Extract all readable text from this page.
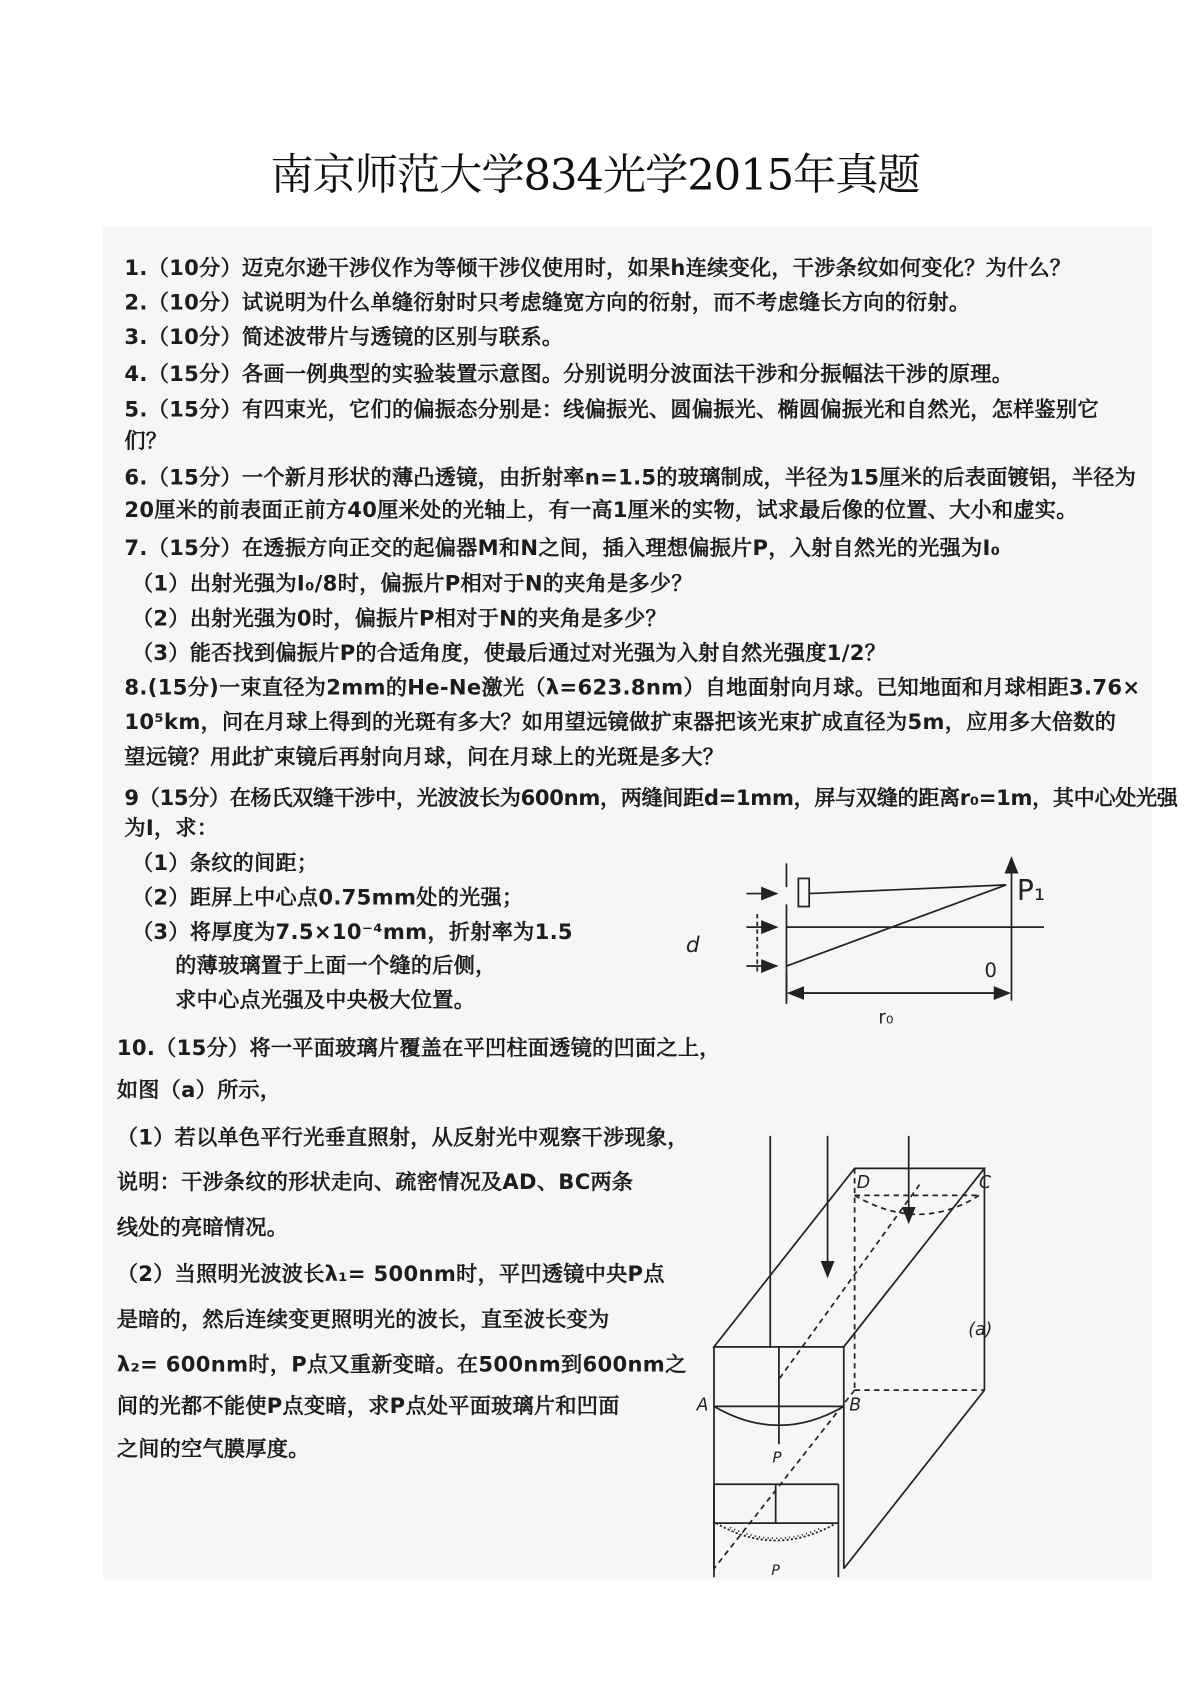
南京师范大学834光学2015年真题
1.（10分）迈克尔逊干涉仪作为等倾干涉仪使用时，如果h连续变化，干涉条纹如何变化？为什么？
2.（10分）试说明为什么单缝衍射时只考虑缝宽方向的衍射，而不考虑缝长方向的衍射。
3.（10分）简述波带片与透镜的区别与联系。
4.（15分）各画一例典型的实验装置示意图。分别说明分波面法干涉和分振幅法干涉的原理。
5.（15分）有四束光，它们的偏振态分别是：线偏振光、圆偏振光、椭圆偏振光和自然光，怎样鉴别它
们？
6.（15分）一个新月形状的薄凸透镜，由折射率n=1.5的玻璃制成，半径为15厘米的后表面镀铝，半径为
20厘米的前表面正前方40厘米处的光轴上，有一高1厘米的实物，试求最后像的位置、大小和虚实。
7.（15分）在透振方向正交的起偏器M和N之间，插入理想偏振片P，入射自然光的光强为I₀
（1）出射光强为I₀/8时，偏振片P相对于N的夹角是多少？
（2）出射光强为0时，偏振片P相对于N的夹角是多少？
（3）能否找到偏振片P的合适角度，使最后通过对光强为入射自然光强度1/2？
8.(15分)一束直径为2mm的He-Ne激光（λ=623.8nm）自地面射向月球。已知地面和月球相距3.76×
10⁵km，问在月球上得到的光斑有多大？如用望远镜做扩束器把该光束扩成直径为5m，应用多大倍数的
望远镜？用此扩束镜后再射向月球，问在月球上的光斑是多大？
9（15分）在杨氏双缝干涉中，光波波长为600nm，两缝间距d=1mm，屏与双缝的距离r₀=1m，其中心处光强
为I，求：
（1）条纹的间距；
（2）距屏上中心点0.75mm处的光强；
（3）将厚度为7.5×10⁻⁴mm，折射率为1.5
的薄玻璃置于上面一个缝的后侧，
求中心点光强及中央极大位置。
10.（15分）将一平面玻璃片覆盖在平凹柱面透镜的凹面之上，
如图（a）所示，
（1）若以单色平行光垂直照射，从反射光中观察干涉现象，
说明：干涉条纹的形状走向、疏密情况及AD、BC两条
线处的亮暗情况。
（2）当照明光波波长λ₁= 500nm时，平凹透镜中央P点
是暗的，然后连续变更照明光的波长，直至波长变为
λ₂= 600nm时，P点又重新变暗。在500nm到600nm之
间的光都不能使P点变暗，求P点处平面玻璃片和凹面
之间的空气膜厚度。
d
P₁
0
r₀
A	B
C
D
P
(a)
P
